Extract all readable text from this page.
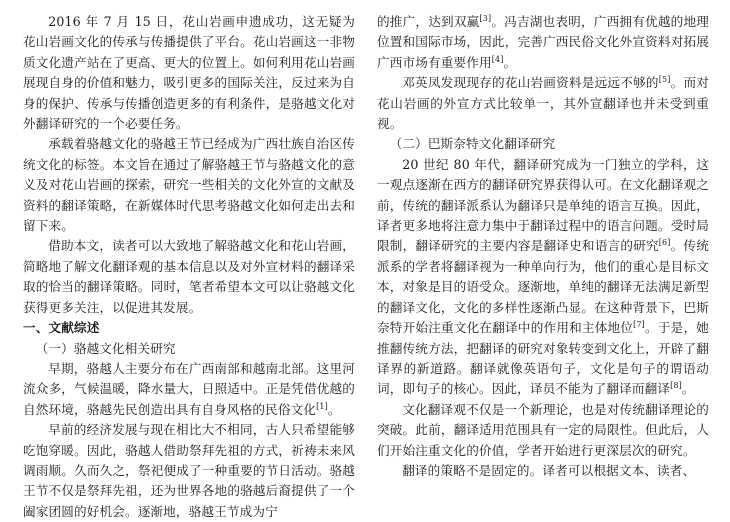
2016 年 7 月 15 日，花山岩画申遗成功，这无疑为花山岩画文化的传承与传播提供了平台。花山岩画这一非物质文化遗产站在了更高、更大的位置上。如何利用花山岩画展现自身的价值和魅力，吸引更多的国际关注，反过来为自身的保护、传承与传播创造更多的有利条件，是骆越文化对外翻译研究的一个必要任务。

承载着骆越文化的骆越王节已经成为广西壮族自治区传统文化的标签。本文旨在通过了解骆越王节与骆越文化的意义及对花山岩画的探索，研究一些相关的文化外宣的文献及资料的翻译策略，在新媒体时代思考骆越文化如何走出去和留下来。

借助本文，读者可以大致地了解骆越文化和花山岩画，简略地了解文化翻译观的基本信息以及对外宣材料的翻译采取的恰当的翻译策略。同时，笔者希望本文可以让骆越文化获得更多关注，以促进其发展。

一、文献综述

（一）骆越文化相关研究

早期，骆越人主要分布在广西南部和越南北部。这里河流众多，气候温暖，降水量大，日照适中。正是凭借优越的自然环境，骆越先民创造出具有自身风格的民俗文化[1]。

早前的经济发展与现在相比大不相同，古人只希望能够吃饱穿暖。因此，骆越人借助祭拜先祖的方式，祈祷未来风调雨顺。久而久之，祭祀便成了一种重要的节日活动。骆越王节不仅是祭拜先祖，还为世界各地的骆越后裔提供了一个阖家团圆的好机会。逐渐地，骆越王节成为宁

的推广，达到双赢[3]。冯吉湖也表明，广西拥有优越的地理位置和国际市场，因此，完善广西民俗文化外宣资料对拓展广西市场有重要作用[4]。

邓英凤发现现存的花山岩画资料是远远不够的[5]。而对花山岩画的外宣方式比较单一，其外宣翻译也并未受到重视。

（二）巴斯奈特文化翻译研究

20 世纪 80 年代，翻译研究成为一门独立的学科，这一观点逐渐在西方的翻译研究界获得认可。在文化翻译观之前，传统的翻译派系认为翻译只是单纯的语言互换。因此，译者更多地将注意力集中于翻译过程中的语言问题。受时局限制，翻译研究的主要内容是翻译史和语言的研究[6]。传统派系的学者将翻译视为一种单向行为，他们的重心是目标文本，对象是目的语受众。逐渐地，单纯的翻译无法满足新型的翻译文化，文化的多样性逐渐凸显。在这种背景下，巴斯奈特开始注重文化在翻译中的作用和主体地位[7]。于是，她推翻传统方法，把翻译的研究对象转变到文化上，开辟了翻译界的新道路。翻译就像英语句子，文化是句子的谓语动词，即句子的核心。因此，译员不能为了翻译而翻译[8]。

文化翻译观不仅是一个新理论，也是对传统翻译理论的突破。此前，翻译适用范围具有一定的局限性。但此后，人们开始注重文化的价值，学者开始进行更深层次的研究。

翻译的策略不是固定的。译者可以根据文本、读者、
